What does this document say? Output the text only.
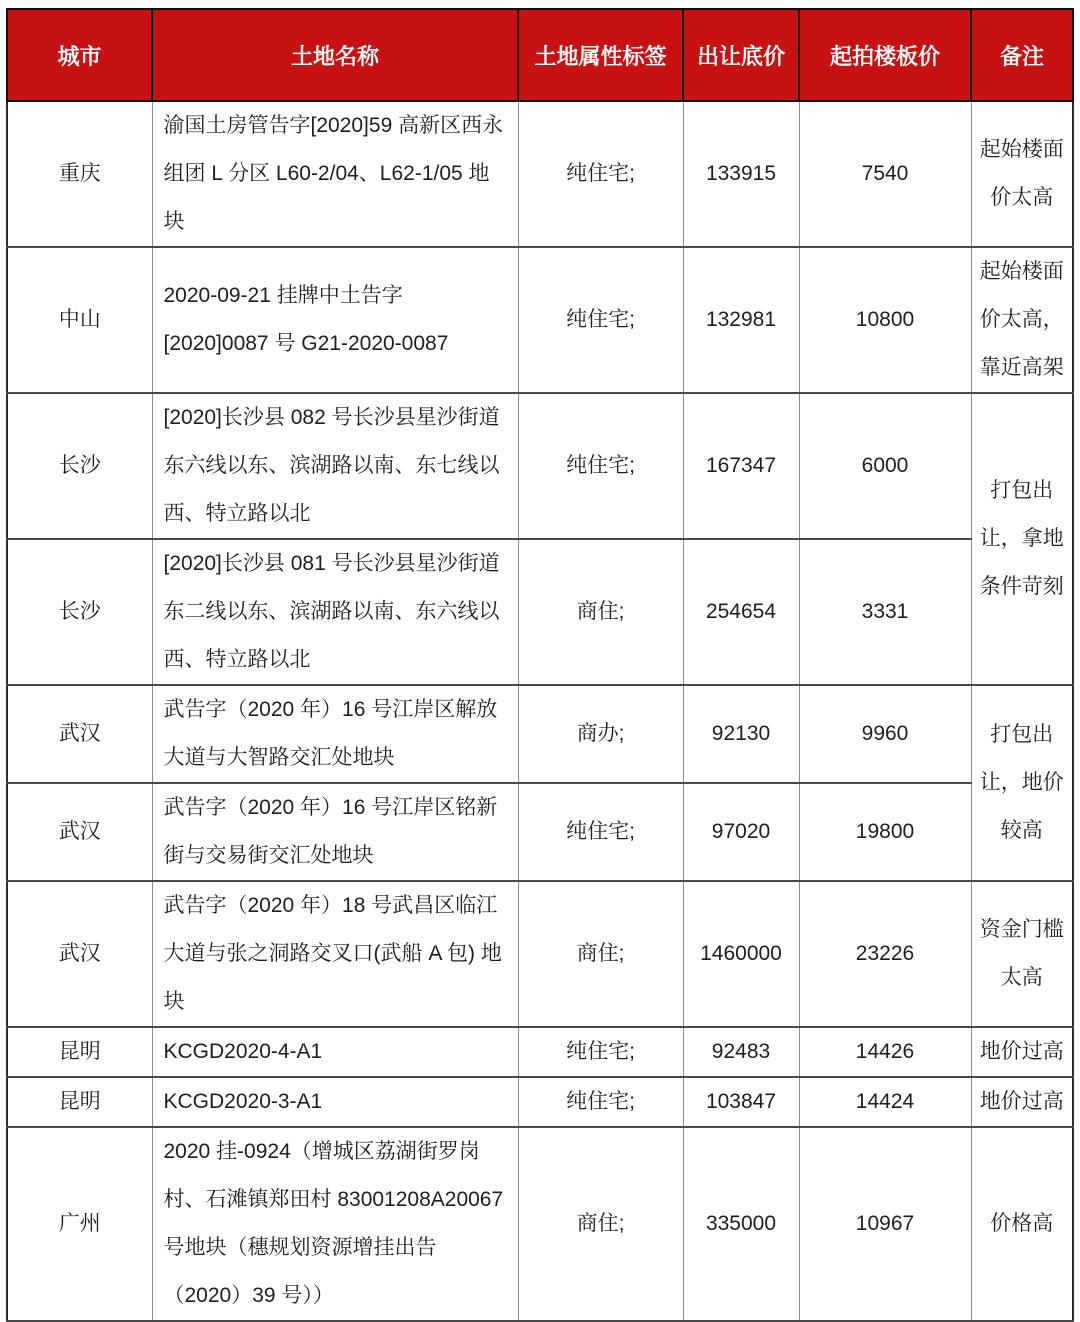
城市	土地名称	土地属性标签	出让底价	起拍楼板价	备注
重庆	渝国土房管告字[2020]59 高新区西永组团 L 分区 L60-2/04、L62-1/05 地块	纯住宅;	133915	7540	起始楼面价太高
中山	2020-09-21 挂牌中土告字[2020]0087 号 G21-2020-0087	纯住宅;	132981	10800	起始楼面价太高，靠近高架
长沙	[2020]长沙县 082 号长沙县星沙街道东六线以东、滨湖路以南、东七线以西、特立路以北	纯住宅;	167347	6000	打包出让，拿地条件苛刻
长沙	[2020]长沙县 081 号长沙县星沙街道东二线以东、滨湖路以南、东六线以西、特立路以北	商住;	254654	3331	
武汉	武告字（2020 年）16 号江岸区解放大道与大智路交汇处地块	商办;	92130	9960	打包出让，地价较高
武汉	武告字（2020 年）16 号江岸区铭新街与交易街交汇处地块	纯住宅;	97020	19800	
武汉	武告字（2020 年）18 号武昌区临江大道与张之洞路交叉口(武船 A 包) 地块	商住;	1460000	23226	资金门槛太高
昆明	KCGD2020-4-A1	纯住宅;	92483	14426	地价过高
昆明	KCGD2020-3-A1	纯住宅;	103847	14424	地价过高
广州	2020 挂-0924（增城区荔湖街罗岗村、石滩镇郑田村 83001208A20067 号地块（穗规划资源增挂出告（2020）39 号））	商住;	335000	10967	价格高
